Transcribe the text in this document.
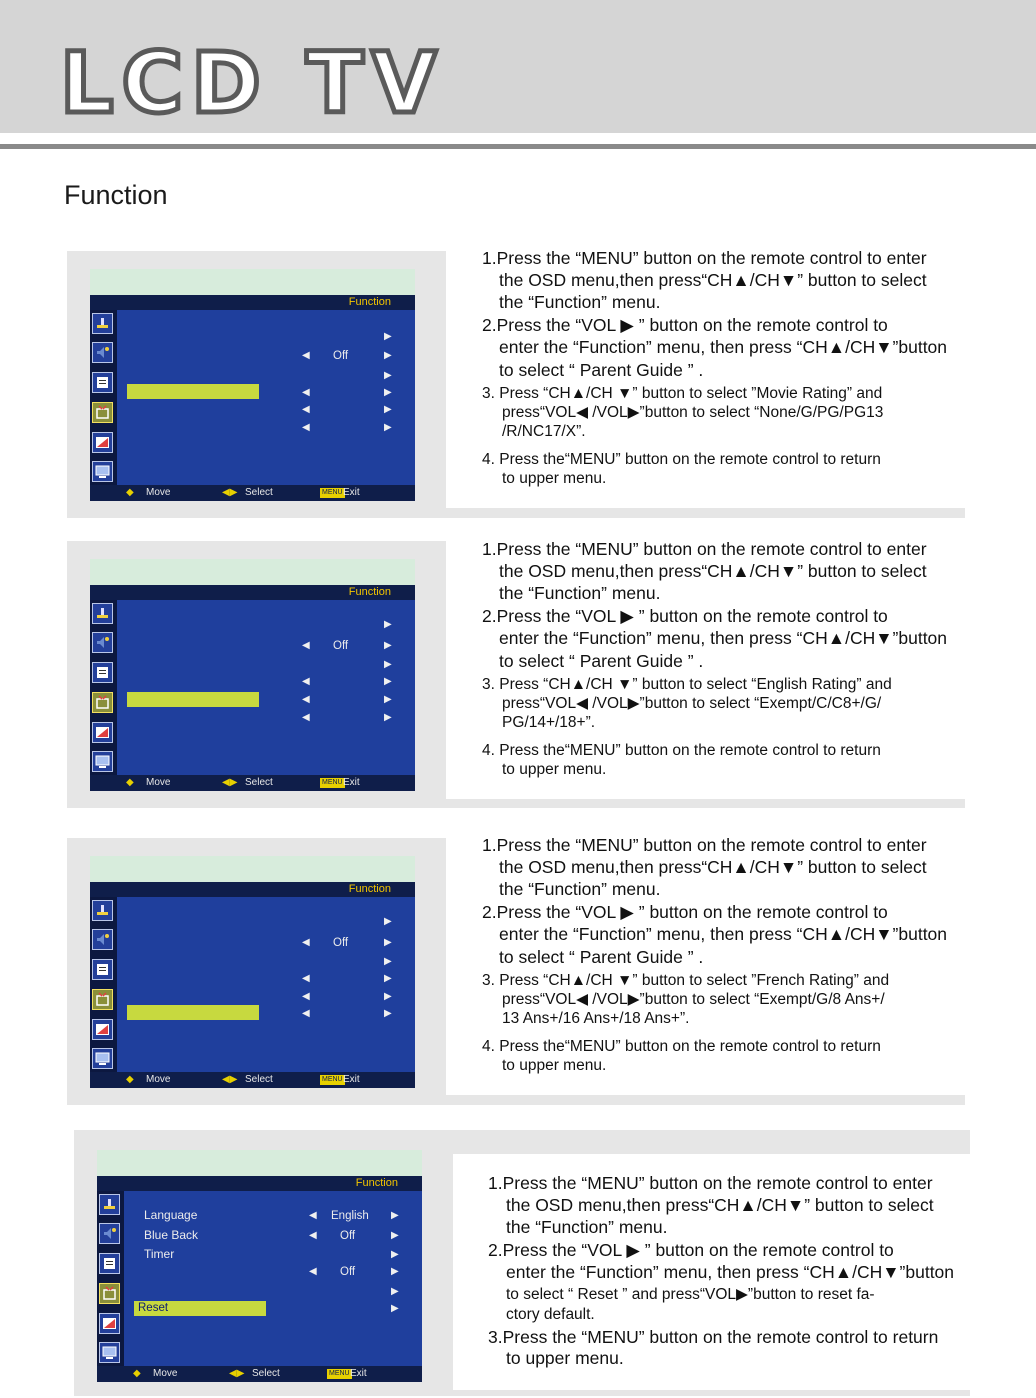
LCD TV
Function
1.Press the “MENU” button on the remote control to enter
the OSD menu,then press“CH▲/CH▼” button to select
the “Function” menu.
2.Press the “VOL ▶ ” button on the remote control to
enter the “Function” menu, then press “CH▲/CH▼”button
to select “ Parent Guide ” .
3. Press “CH▲/CH ▼” button to select ”Movie Rating” and
press“VOL◀ /VOL▶”button to select “None/G/PG/PG13
/R/NC17/X”.
4. Press the“MENU” button on the remote control to return
to upper menu.
Function
▶
◀ Off	▶
▶
◀	▶
◀	▶
◀	▶
◆ Move	◀▶ Select	MENU Exit
1.Press the “MENU” button on the remote control to enter
the OSD menu,then press“CH▲/CH▼” button to select
the “Function” menu.
2.Press the “VOL ▶ ” button on the remote control to
enter the “Function” menu, then press “CH▲/CH▼”button
to select “ Parent Guide ” .
3. Press “CH▲/CH ▼” button to select “English Rating” and
press“VOL◀ /VOL▶”button to select “Exempt/C/C8+/G/
PG/14+/18+”.
4. Press the“MENU” button on the remote control to return
to upper menu.
Function
▶
◀ Off	▶
▶
◀	▶
◀	▶
◀	▶
◆ Move	◀▶ Select	MENU Exit
1.Press the “MENU” button on the remote control to enter
the OSD menu,then press“CH▲/CH▼” button to select
the “Function” menu.
2.Press the “VOL ▶ ” button on the remote control to
enter the “Function” menu, then press “CH▲/CH▼”button
to select “ Parent Guide ” .
3. Press “CH▲/CH ▼” button to select ”French Rating” and
press“VOL◀ /VOL▶”button to select “Exempt/G/8 Ans+/
13 Ans+/16 Ans+/18 Ans+”.
4. Press the“MENU” button on the remote control to return
to upper menu.
Function
▶
◀ Off	▶
▶
◀	▶
◀	▶
◀	▶
◆ Move	◀▶ Select	MENU Exit
1.Press the “MENU” button on the remote control to enter
the OSD menu,then press“CH▲/CH▼” button to select
the “Function” menu.
2.Press the “VOL ▶ ” button on the remote control to
enter the “Function” menu, then press “CH▲/CH▼”button
to select “ Reset ” and press“VOL▶”button to reset fa-
ctory default.
3.Press the “MENU” button on the remote control to return
to upper menu.
Function
Language	◀ English ▶
Blue Back	◀ Off	▶
Timer	▶
◀ Off	▶
▶
Reset	▶
◆ Move	◀▶ Select	MENU Exit
